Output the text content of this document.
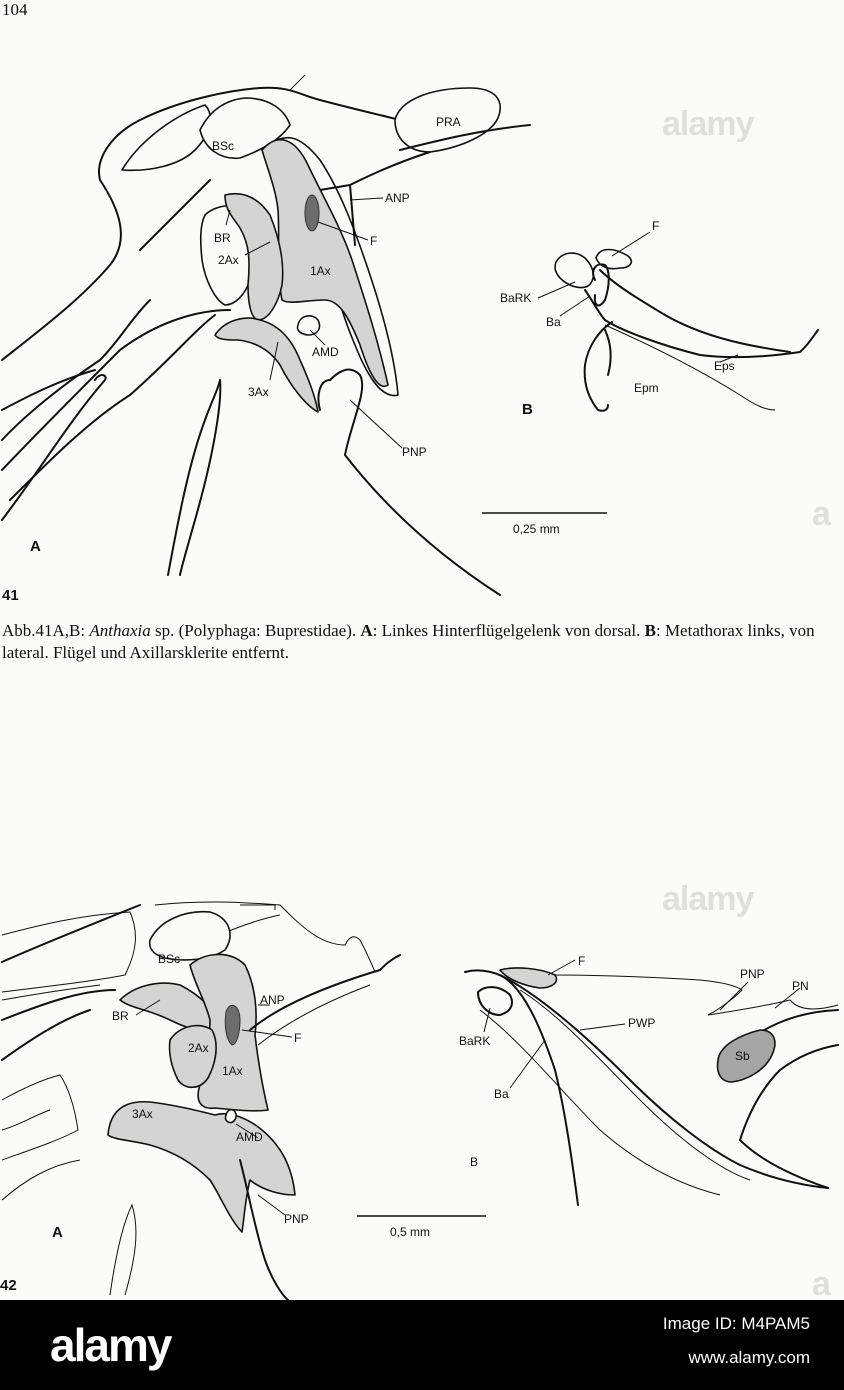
104
alamy
alamy
a
a
PRA
BSc
ANP
F
BR
2Ax
1Ax
AMD
3Ax
PNP
A
41
F
BaRK
Ba
Eps
Epm
B
0,25 mm
Abb.41A,B: Anthaxia sp. (Polyphaga: Buprestidae). A: Linkes Hinterflügelgelenk von dorsal. B: Metathorax links, von lateral. Flügel und Axillarsklerite entfernt.
BSc
ANP
BR
F
2Ax
1Ax
3Ax
AMD
PNP
A
42
F
PNP
PN
PWP
BaRK
Sb
Ba
B
0,5 mm
alamy	Image ID: M4PAM5
www.alamy.com
